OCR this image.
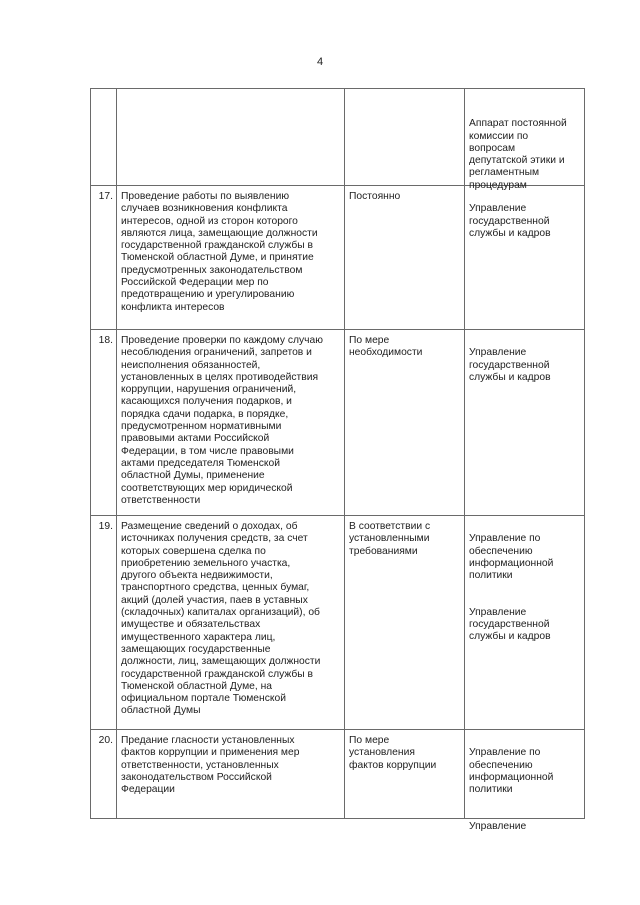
4

Аппарат постоянной
комиссии по
вопросам
депутатской этики и
регламентным
процедурам

17. Проведение работы по выявлению
случаев возникновения конфликта
интересов, одной из сторон которого
являются лица, замещающие должности
государственной гражданской службы в
Тюменской областной Думе, и принятие
предусмотренных законодательством
Российской Федерации мер по
предотвращению и урегулированию
конфликта интересов
Постоянно

Управление
государственной
службы и кадров

18. Проведение проверки по каждому случаю
несоблюдения ограничений, запретов и
неисполнения обязанностей,
установленных в целях противодействия
коррупции, нарушения ограничений,
касающихся получения подарков, и
порядка сдачи подарка, в порядке,
предусмотренном нормативными
правовыми актами Российской
Федерации, в том числе правовыми
актами председателя Тюменской
областной Думы, применение
соответствующих мер юридической
ответственности
По мере
необходимости	Управление
государственной
службы и кадров

19. Размещение сведений о доходах, об
источниках получения средств, за счет
которых совершена сделка по
приобретению земельного участка,
другого объекта недвижимости,
транспортного средства, ценных бумаг,
акций (долей участия, паев в уставных
(складочных) капиталах организаций), об
имуществе и обязательствах
имущественного характера лиц,
замещающих государственные
должности, лиц, замещающих должности
государственной гражданской службы в
Тюменской областной Думе, на
официальном портале Тюменской
областной Думы
В соответствии с
установленными
требованиями

Управление по
обеспечению
информационной
политики

Управление
государственной
службы и кадров

20. Предание гласности установленных
фактов коррупции и применения мер
ответственности, установленных
законодательством Российской
Федерации
По мере
установления
фактов коррупции

Управление по
обеспечению
информационной
политики

Управление
